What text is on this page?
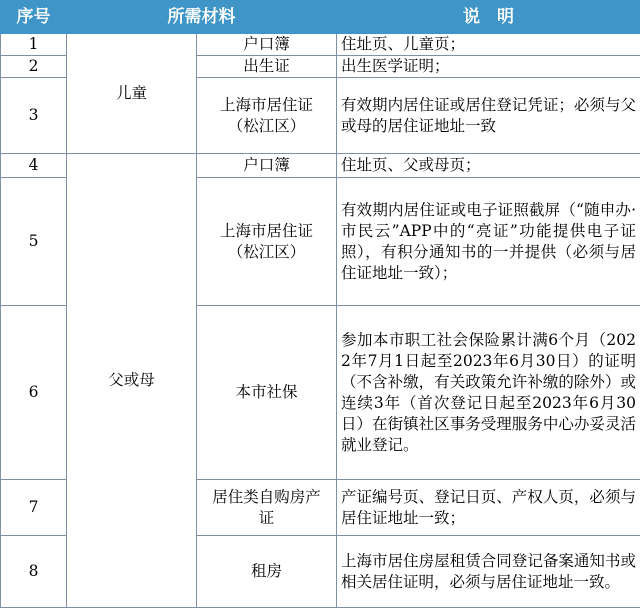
序号	所需材料		说　明
1	儿童	户口簿	住址页、儿童页；
2		出生证	出生医学证明；
3		上海市居住证（松江区）	有效期内居住证或居住登记凭证；必须与父或母的居住证地址一致
4	父或母	户口簿	住址页、父或母页；
5		上海市居住证（松江区）	有效期内居住证或电子证照截屏（“随申办·市民云”APP中的“亮证”功能提供电子证照），有积分通知书的一并提供（必须与居住证地址一致）；
6		本市社保	参加本市职工社会保险累计满6个月（2022年7月1日起至2023年6月30日）的证明（不含补缴，有关政策允许补缴的除外）或连续3年（首次登记日起至2023年6月30日）在街镇社区事务受理服务中心办妥灵活就业登记。
7		居住类自购房产证	产证编号页、登记日页、产权人页，必须与居住证地址一致；
8		租房	上海市居住房屋租赁合同登记备案通知书或相关居住证明，必须与居住证地址一致。
